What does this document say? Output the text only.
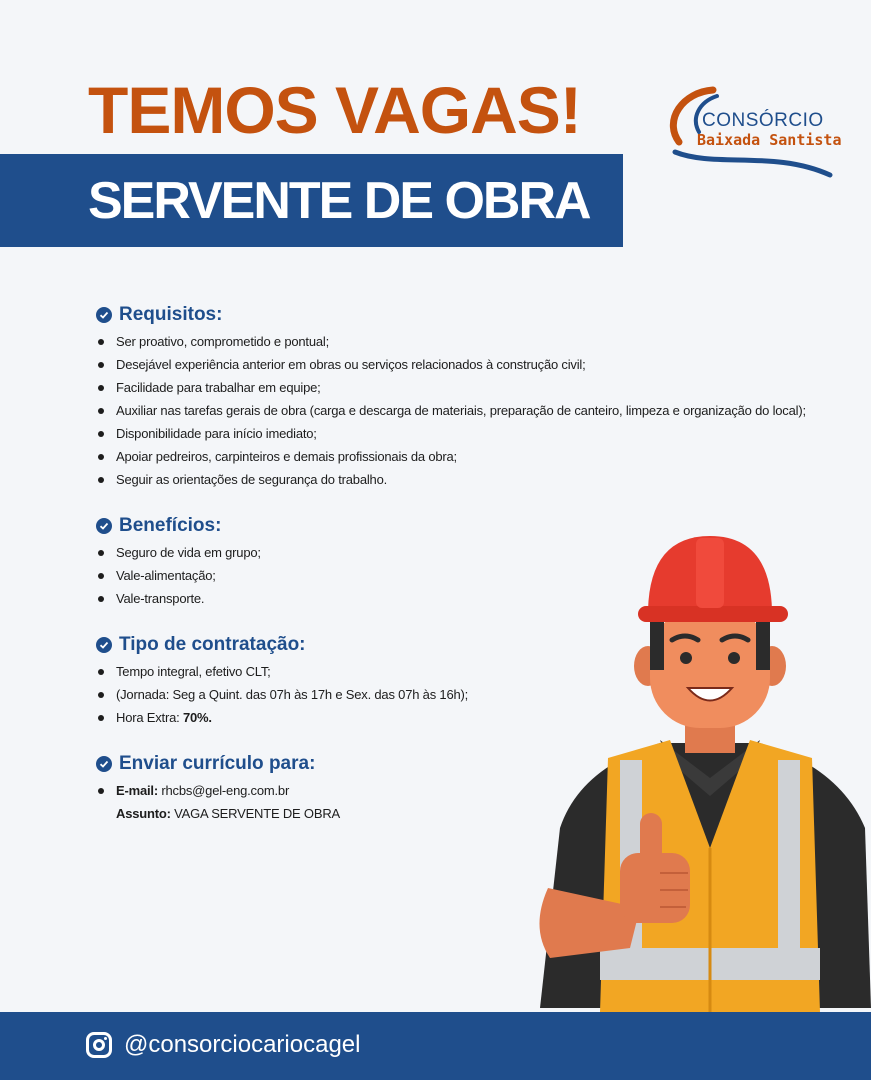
TEMOS VAGAS!
SERVENTE DE OBRA
CONSÓRCIO
Baixada Santista
Requisitos:
Ser proativo, comprometido e pontual;
Desejável experiência anterior em obras ou serviços relacionados à construção civil;
Facilidade para trabalhar em equipe;
Auxiliar nas tarefas gerais de obra (carga e descarga de materiais, preparação de canteiro, limpeza e organização do local);
Disponibilidade para início imediato;
Apoiar pedreiros, carpinteiros e demais profissionais da obra;
Seguir as orientações de segurança do trabalho.
Benefícios:
Seguro de vida em grupo;
Vale-alimentação;
Vale-transporte.
Tipo de contratação:
Tempo integral, efetivo CLT;
(Jornada: Seg a Quint. das 07h às 17h e Sex. das 07h às 16h);
Hora Extra: 70%.
Enviar currículo para:
E-mail: rhcbs@gel-eng.com.br
Assunto: VAGA SERVENTE DE OBRA
@consorciocariocagel
